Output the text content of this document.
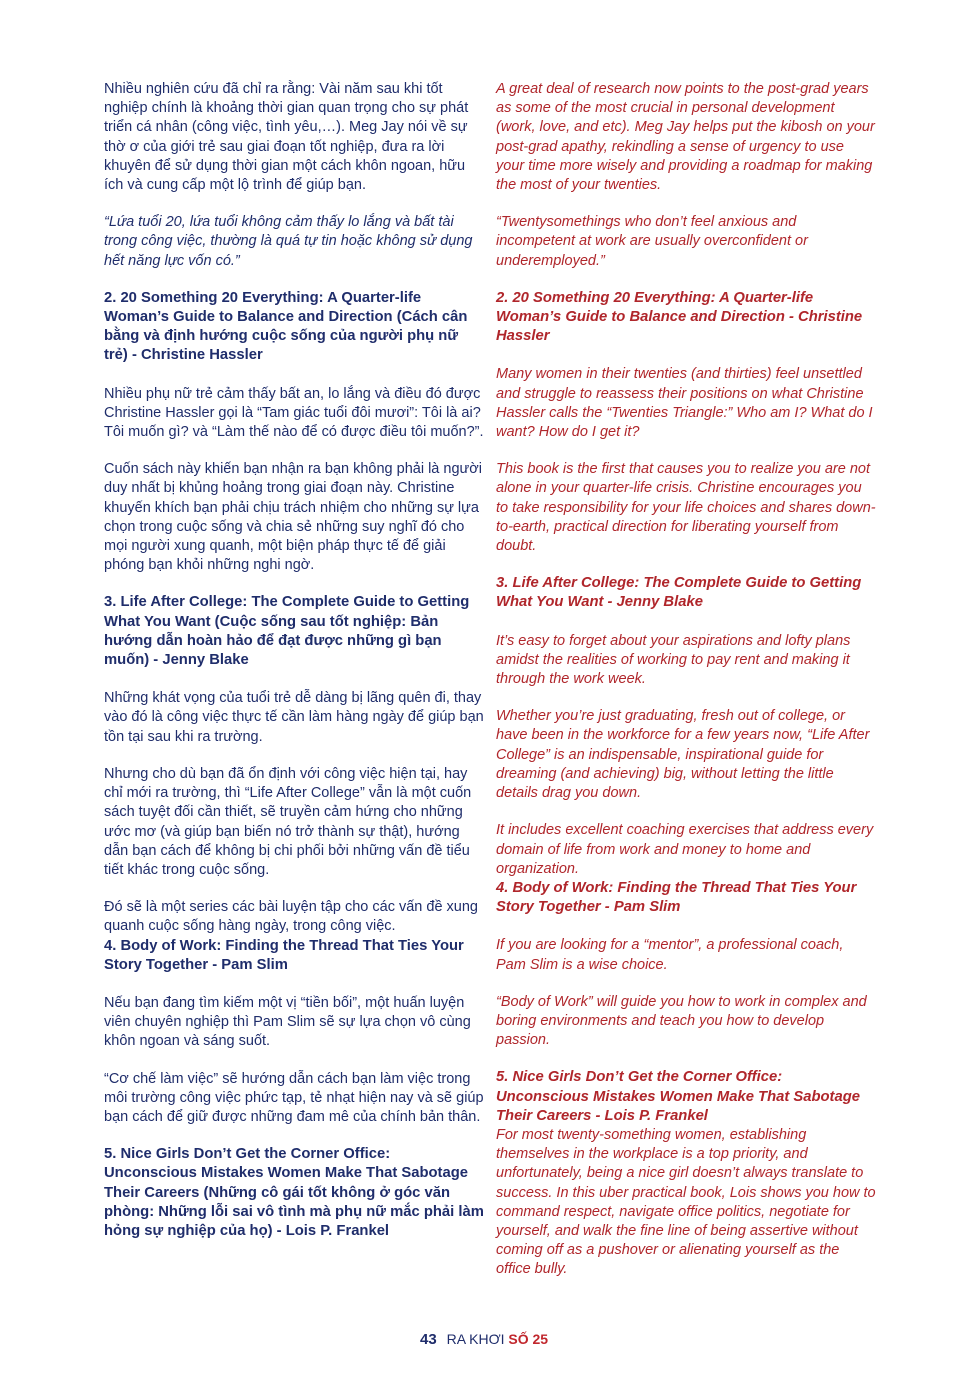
Nhiều nghiên cứu đã chỉ ra rằng: Vài năm sau khi tốt nghiệp chính là khoảng thời gian quan trọng cho sự phát triển cá nhân (công việc, tình yêu,…). Meg Jay nói về sự thờ ơ của giới trẻ sau giai đoạn tốt nghiệp, đưa ra lời khuyên để sử dụng thời gian một cách khôn ngoan, hữu ích và cung cấp một lộ trình để giúp bạn.

“Lứa tuổi 20, lứa tuổi không cảm thấy lo lắng và bất tài trong công việc, thường là quá tự tin hoặc không sử dụng hết năng lực vốn có.”

2. 20 Something 20 Everything: A Quarter-life Woman’s Guide to Balance and Direction (Cách cân bằng và định hướng cuộc sống của người phụ nữ trẻ) - Christine Hassler

Nhiều phụ nữ trẻ cảm thấy bất an, lo lắng và điều đó được Christine Hassler gọi là “Tam giác tuổi đôi mươi”: Tôi là ai? Tôi muốn gì? và “Làm thế nào để có được điều tôi muốn?”.

Cuốn sách này khiến bạn nhận ra bạn không phải là người duy nhất bị khủng hoảng trong giai đoạn này. Christine khuyến khích bạn phải chịu trách nhiệm cho những sự lựa chọn trong cuộc sống và chia sẻ những suy nghĩ đó cho mọi người xung quanh, một biện pháp thực tế để giải phóng bạn khỏi những nghi ngờ.

3. Life After College: The Complete Guide to Getting What You Want (Cuộc sống sau tốt nghiệp: Bản hướng dẫn hoàn hảo để đạt được những gì bạn muốn) - Jenny Blake

Những khát vọng của tuổi trẻ dễ dàng bị lãng quên đi, thay vào đó là công việc thực tế cần làm hàng ngày để giúp bạn tồn tại sau khi ra trường.

Nhưng cho dù bạn đã ổn định với công việc hiện tại, hay chỉ mới ra trường, thì “Life After College” vẫn là một cuốn sách tuyệt đối cần thiết, sẽ truyền cảm hứng cho những ước mơ (và giúp bạn biến nó trở thành sự thật), hướng dẫn bạn cách để không bị chi phối bởi những vấn đề tiểu tiết khác trong cuộc sống.

Đó sẽ là một series các bài luyện tập cho các vấn đề xung quanh cuộc sống hàng ngày, trong công việc.

4. Body of Work: Finding the Thread That Ties Your Story Together - Pam Slim

Nếu bạn đang tìm kiếm một vị “tiền bối”, một huấn luyện viên chuyên nghiệp thì Pam Slim sẽ sự lựa chọn vô cùng khôn ngoan và sáng suốt.

“Cơ chế làm việc” sẽ hướng dẫn cách bạn làm việc trong môi trường công việc phức tạp, tẻ nhạt hiện nay và sẽ giúp bạn cách để giữ được những đam mê của chính bản thân.

5. Nice Girls Don’t Get the Corner Office: Unconscious Mistakes Women Make That Sabotage Their Careers (Những cô gái tốt không ở góc văn phòng: Những lỗi sai vô tình mà phụ nữ mắc phải làm hỏng sự nghiệp của họ) - Lois P. Frankel

A great deal of research now points to the post-grad years as some of the most crucial in personal development (work, love, and etc). Meg Jay helps put the kibosh on your post-grad apathy, rekindling a sense of urgency to use your time more wisely and providing a roadmap for making the most of your twenties.

“Twentysomethings who don’t feel anxious and incompetent at work are usually overconfident or underemployed.”

2. 20 Something 20 Everything: A Quarter-life Woman’s Guide to Balance and Direction - Christine Hassler

Many women in their twenties (and thirties) feel unsettled and struggle to reassess their positions on what Christine Hassler calls the “Twenties Triangle:” Who am I? What do I want? How do I get it?

This book is the first that causes you to realize you are not alone in your quarter-life crisis. Christine encourages you to take responsibility for your life choices and shares down-to-earth, practical direction for liberating yourself from doubt.

3. Life After College: The Complete Guide to Getting What You Want - Jenny Blake

It’s easy to forget about your aspirations and lofty plans amidst the realities of working to pay rent and making it through the work week.

Whether you’re just graduating, fresh out of college, or have been in the workforce for a few years now, “Life After College” is an indispensable, inspirational guide for dreaming (and achieving) big, without letting the little details drag you down.

It includes excellent coaching exercises that address every domain of life from work and money to home and organization.

4. Body of Work: Finding the Thread That Ties Your Story Together - Pam Slim

If you are looking for a “mentor”, a professional coach, Pam Slim is a wise choice.

“Body of Work” will guide you how to work in complex and boring environments and teach you how to develop passion.

5. Nice Girls Don’t Get the Corner Office: Unconscious Mistakes Women Make That Sabotage Their Careers - Lois P. Frankel

For most twenty-something women, establishing themselves in the workplace is a top priority, and unfortunately, being a nice girl doesn’t always translate to success. In this uber practical book, Lois shows you how to command respect, navigate office politics, negotiate for yourself, and walk the fine line of being assertive without coming off as a pushover or alienating yourself as the office bully.

43 RA KHƠI SỐ 25
